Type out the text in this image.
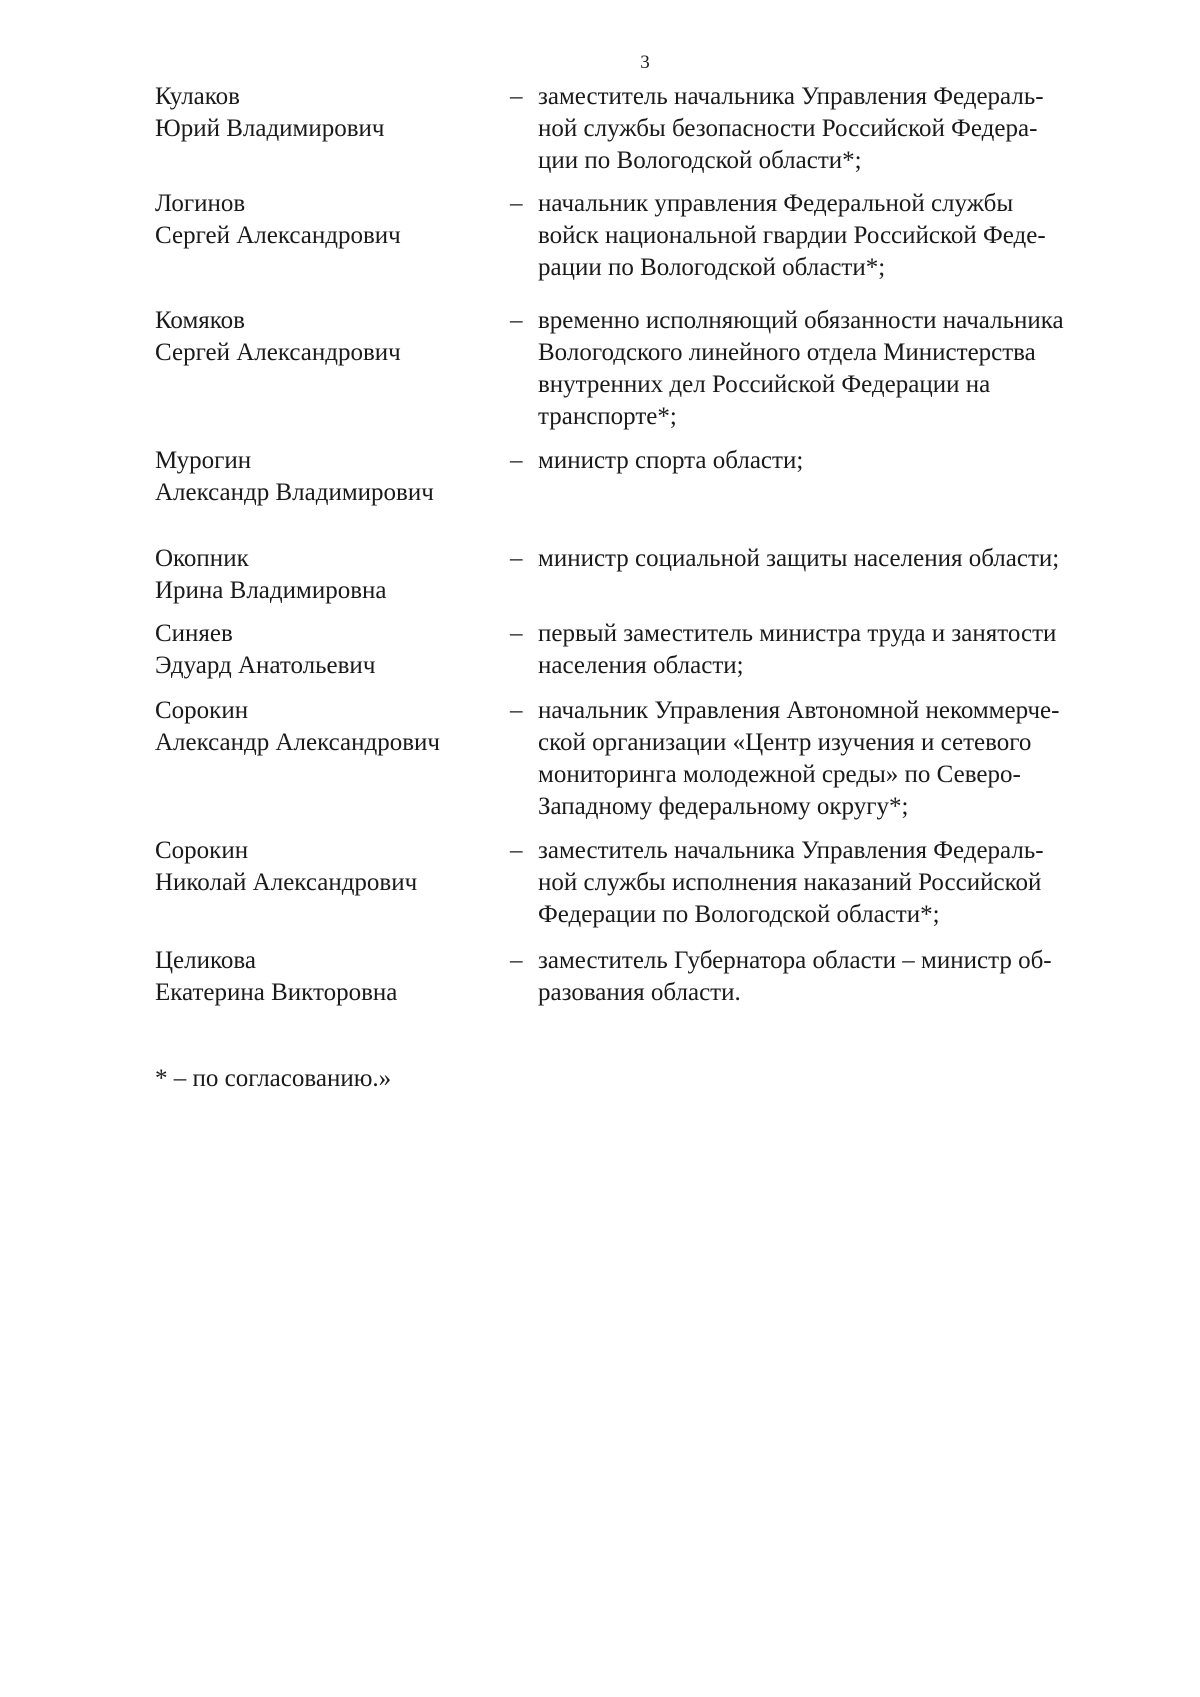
3
Кулаков
Юрий Владимирович
– заместитель начальника Управления Федераль-
ной службы безопасности Российской Федера-
ции по Вологодской области*;
Логинов
Сергей Александрович
– начальник управления Федеральной службы
войск национальной гвардии Российской Феде-
рации по Вологодской области*;
Комяков
Сергей Александрович
– временно исполняющий обязанности начальника
Вологодского линейного отдела Министерства
внутренних дел Российской Федерации на
транспорте*;
Мурогин
Александр Владимирович
– министр спорта области;
Окопник
Ирина Владимировна
– министр социальной защиты населения области;
Синяев
Эдуард Анатольевич
– первый заместитель министра труда и занятости
населения области;
Сорокин
Александр Александрович
– начальник Управления Автономной некоммерче-
ской организации «Центр изучения и сетевого
мониторинга молодежной среды» по Северо-
Западному федеральному округу*;
Сорокин
Николай Александрович
– заместитель начальника Управления Федераль-
ной службы исполнения наказаний Российской
Федерации по Вологодской области*;
Целикова
Екатерина Викторовна
– заместитель Губернатора области – министр об-
разования области.
* – по согласованию.»
